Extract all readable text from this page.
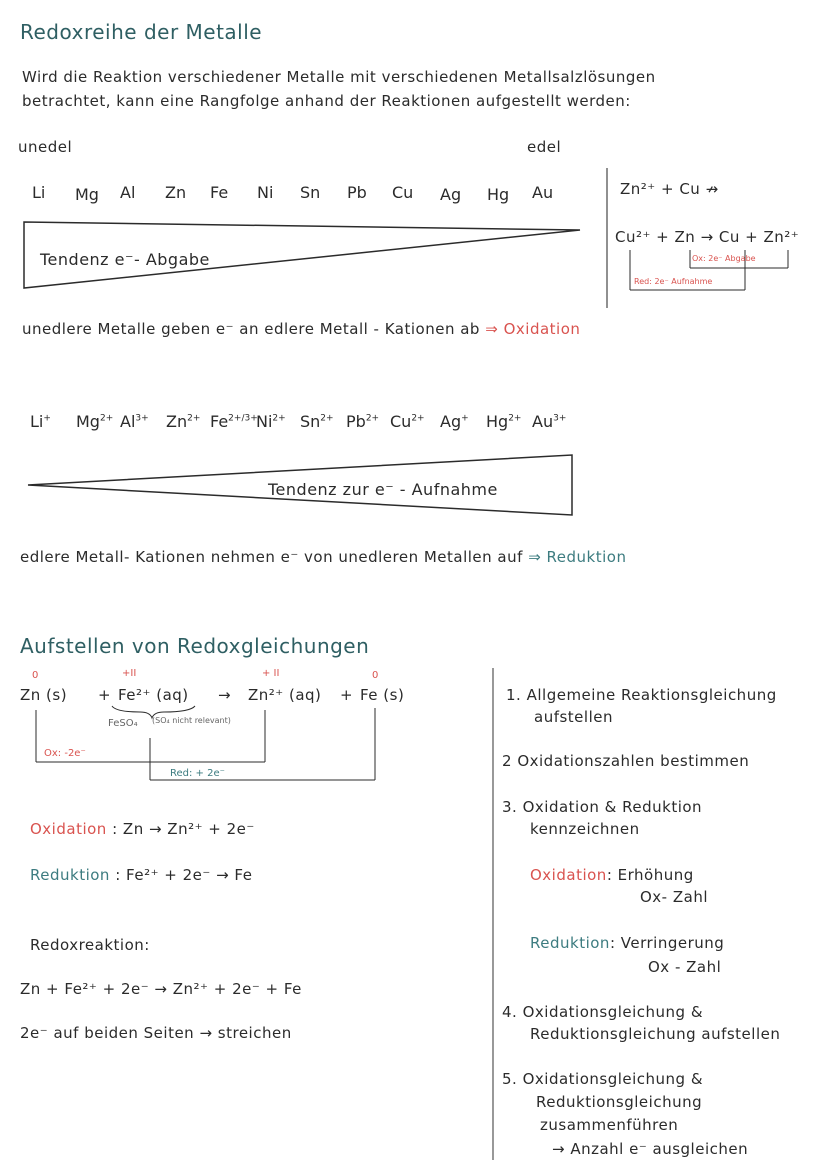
Redoxreihe der Metalle
Wird die Reaktion verschiedener Metalle mit verschiedenen Metallsalzlösungen
betrachtet, kann eine Rangfolge anhand der Reaktionen aufgestellt werden:
unedel	edel
Li Mg Al Zn Fe Ni Sn Pb Cu Ag Hg Au
Tendenz e⁻- Abgabe
Zn²⁺ + Cu ↛
Cu²⁺ + Zn → Cu + Zn²⁺
Ox: 2e⁻ Abgabe
Red: 2e⁻ Aufnahme
unedlere Metalle geben e⁻ an edlere Metall - Kationen ab ⇒ Oxidation
Li+ $Mg^{2+}$ $Al^{3+}$ $Zn^{2+}$ $Fe^{2+/3+}$
$Ni^{2+}$ $Sn^{2+}$ $Pb^{2+}$ $Cu^{2+}$ Ag+ $Hg^{2+}$ $Au^{3+}$
Tendenz zur e⁻ - Aufnahme
edlere Metall- Kationen nehmen e⁻ von unedleren Metallen auf ⇒ Reduktion
Aufstellen von Redoxgleichungen
0	+II	+ II	0
Zn (s) + Fe²⁺ (aq) → Zn²⁺ (aq) + Fe (s)
FeSO₄ (SO₄ nicht relevant)
Ox: -2e⁻
Red: + 2e⁻
Oxidation : Zn → Zn²⁺ + 2e⁻
Reduktion : Fe²⁺ + 2e⁻ → Fe
Redoxreaktion:
Zn + Fe²⁺ + 2e⁻ → Zn²⁺ + 2e⁻ + Fe
2e⁻ auf beiden Seiten → streichen
1. Allgemeine Reaktionsgleichung
aufstellen
2 Oxidationszahlen bestimmen
3. Oxidation & Reduktion
kennzeichnen
Oxidation: Erhöhung
Ox- Zahl
Reduktion: Verringerung
Ox - Zahl
4. Oxidationsgleichung &
Reduktionsgleichung aufstellen
5. Oxidationsgleichung &
Reduktionsgleichung
zusammenführen
→ Anzahl e⁻ ausgleichen
